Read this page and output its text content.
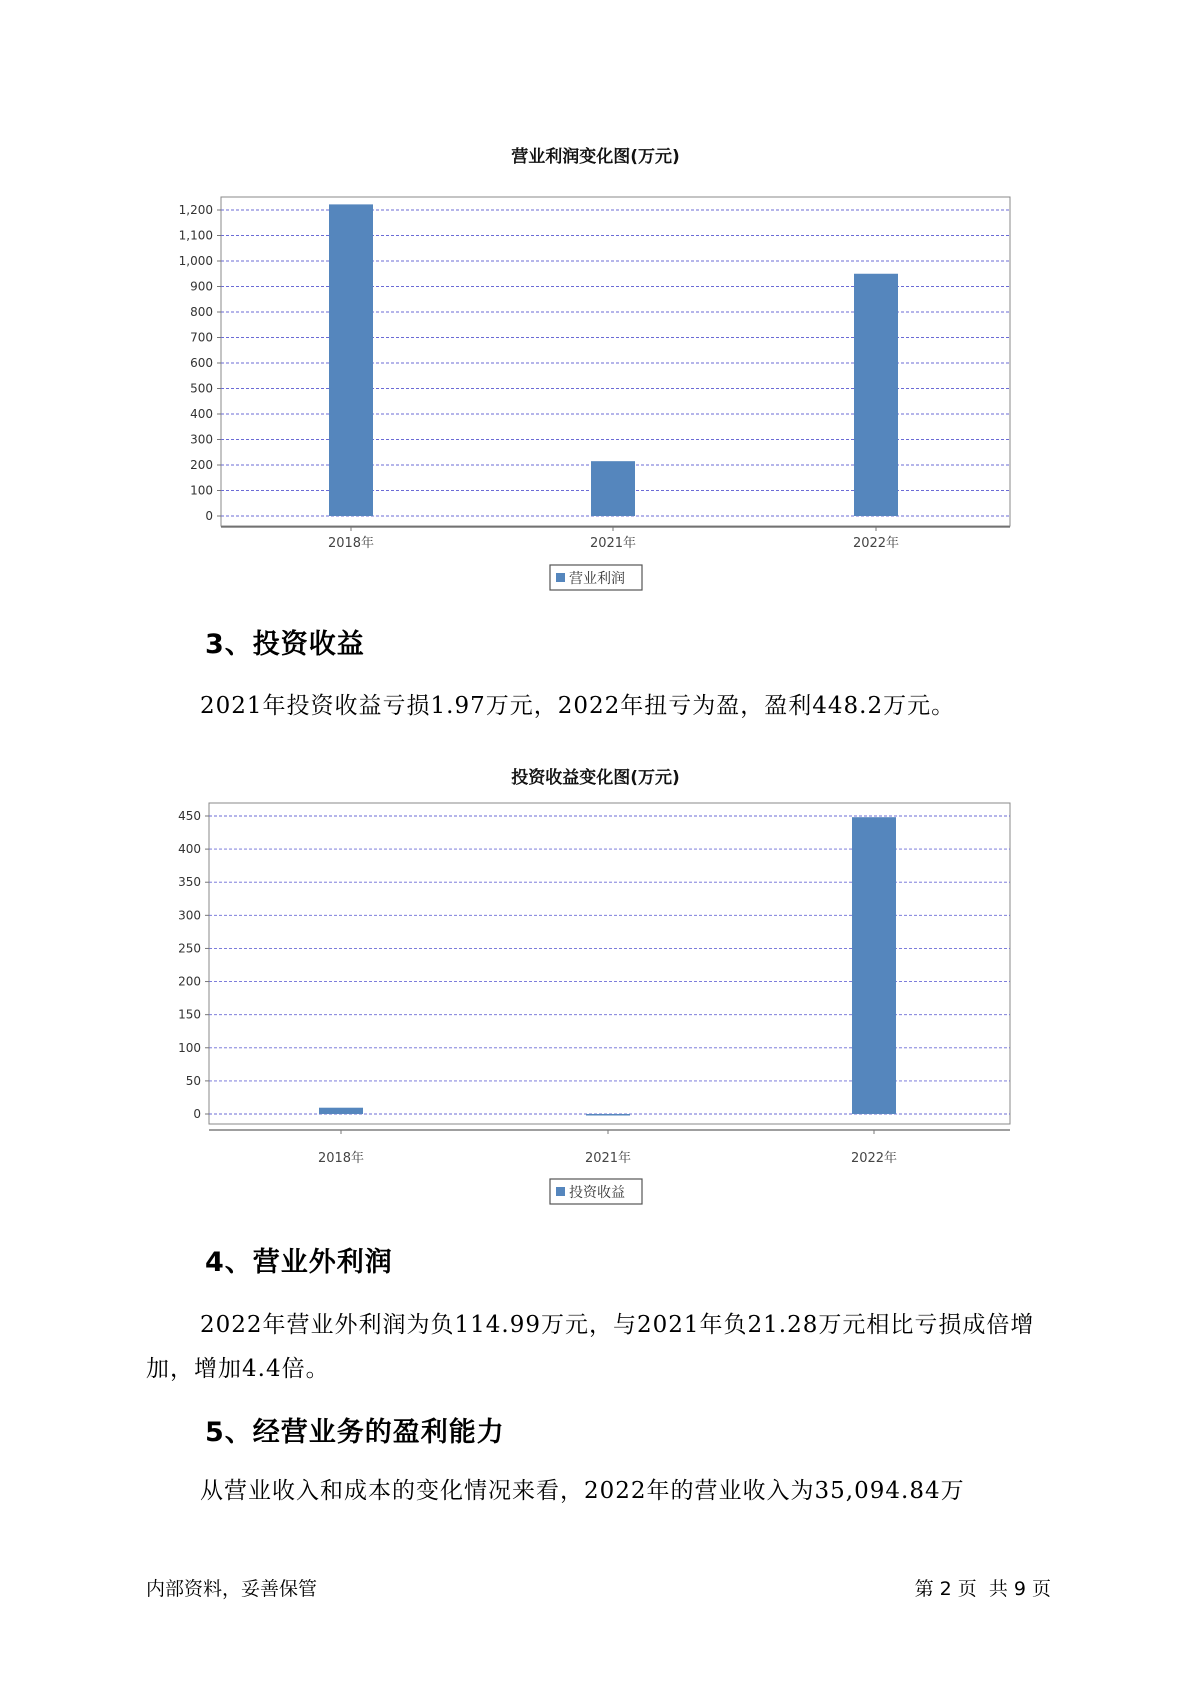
营业利润变化图(万元)
0
100
200
300
400
500
600
700
800
900
1,000
1,100
1,200
2018年	2021年	2022年
营业利润
3、投资收益
2021年投资收益亏损1.97万元，2022年扭亏为盈，盈利448.2万元。
投资收益变化图(万元)
0
50
100
150
200
250
300
350
400
450
2018年	2021年	2022年
投资收益
4、营业外利润
2022年营业外利润为负114.99万元，与2021年负21.28万元相比亏损成倍增加，增加4.4倍。
5、经营业务的盈利能力
从营业收入和成本的变化情况来看，2022年的营业收入为35,094.84万
内部资料，妥善保管	第 2 页  共 9 页
